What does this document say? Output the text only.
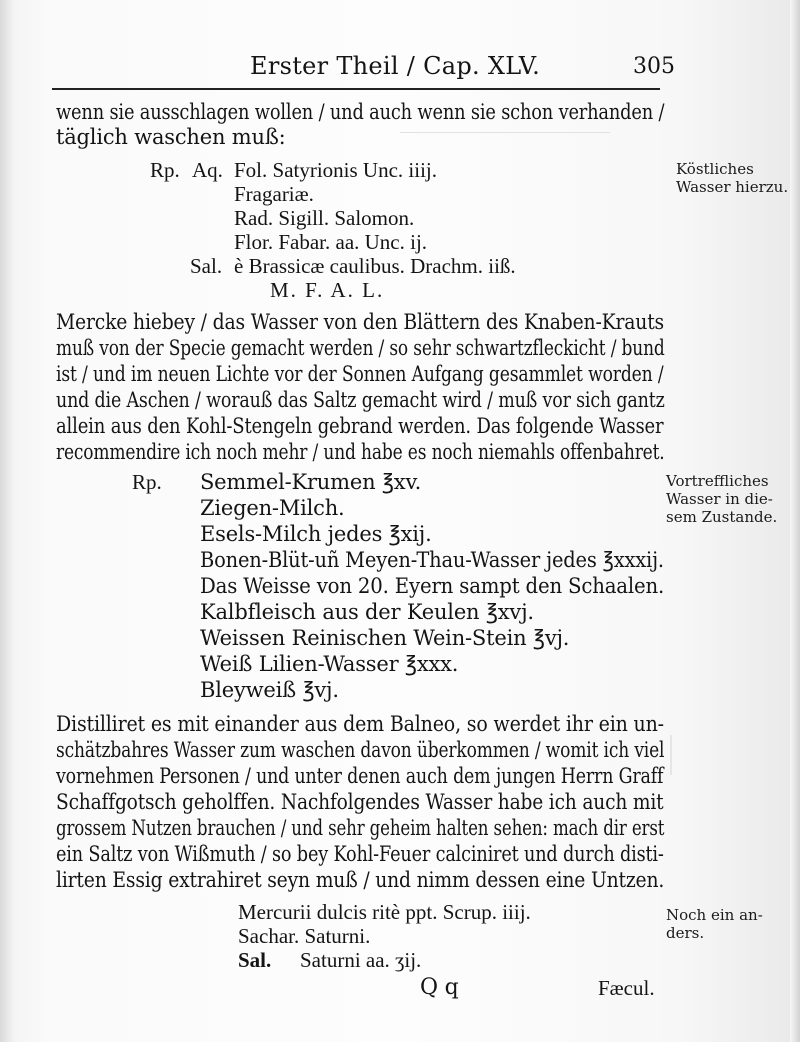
Erster Theil / Cap. XLV.	305
wenn sie ausschlagen wollen / und auch wenn sie schon verhanden /
täglich waschen muß:
Rp. Aq. Fol. Satyrionis Unc. iiij.
Fragariæ.
Rad. Sigill. Salomon.
Flor. Fabar. aa. Unc. ij.
Sal. è Brassicæ caulibus. Drachm. iiß.
M. F. A. L.
Mercke hiebey / das Wasser von den Blättern des Knaben-Krauts
muß von der Specie gemacht werden / so sehr schwartzfleckicht / bund
ist / und im neuen Lichte vor der Sonnen Aufgang gesammlet worden /
und die Aschen / worauß das Saltz gemacht wird / muß vor sich gantz
allein aus den Kohl-Stengeln gebrand werden. Das folgende Wasser
recommendire ich noch mehr / und habe es noch niemahls offenbahret.
Rp. Semmel-Krumen ℥xv.
Ziegen-Milch.
Esels-Milch jedes ℥xij.
Bonen-Blüt-uñ Meyen-Thau-Wasser jedes ℥xxxij.
Das Weisse von 20. Eyern sampt den Schaalen.
Kalbfleisch aus der Keulen ℥xvj.
Weissen Reinischen Wein-Stein ℥vj.
Weiß Lilien-Wasser ℥xxx.
Bleyweiß ℥vj.
Distilliret es mit einander aus dem Balneo, so werdet ihr ein un-
schätzbahres Wasser zum waschen davon überkommen / womit ich viel
vornehmen Personen / und unter denen auch dem jungen Herrn Graff
Schaffgotsch geholffen. Nachfolgendes Wasser habe ich auch mit
grossem Nutzen brauchen / und sehr geheim halten sehen: mach dir erst
ein Saltz von Wißmuth / so bey Kohl-Feuer calciniret und durch disti-
lirten Essig extrahiret seyn muß / und nimm dessen eine Untzen.
Mercurii dulcis ritè ppt. Scrup. iiij.
Sachar. Saturni.
Sal. Saturni aa. ʒij.
Q q	Fæcul.
Köstliches
Wasser hierzu.
Vortreffliches
Wasser in die-
sem Zustande.
Noch ein an-
ders.
